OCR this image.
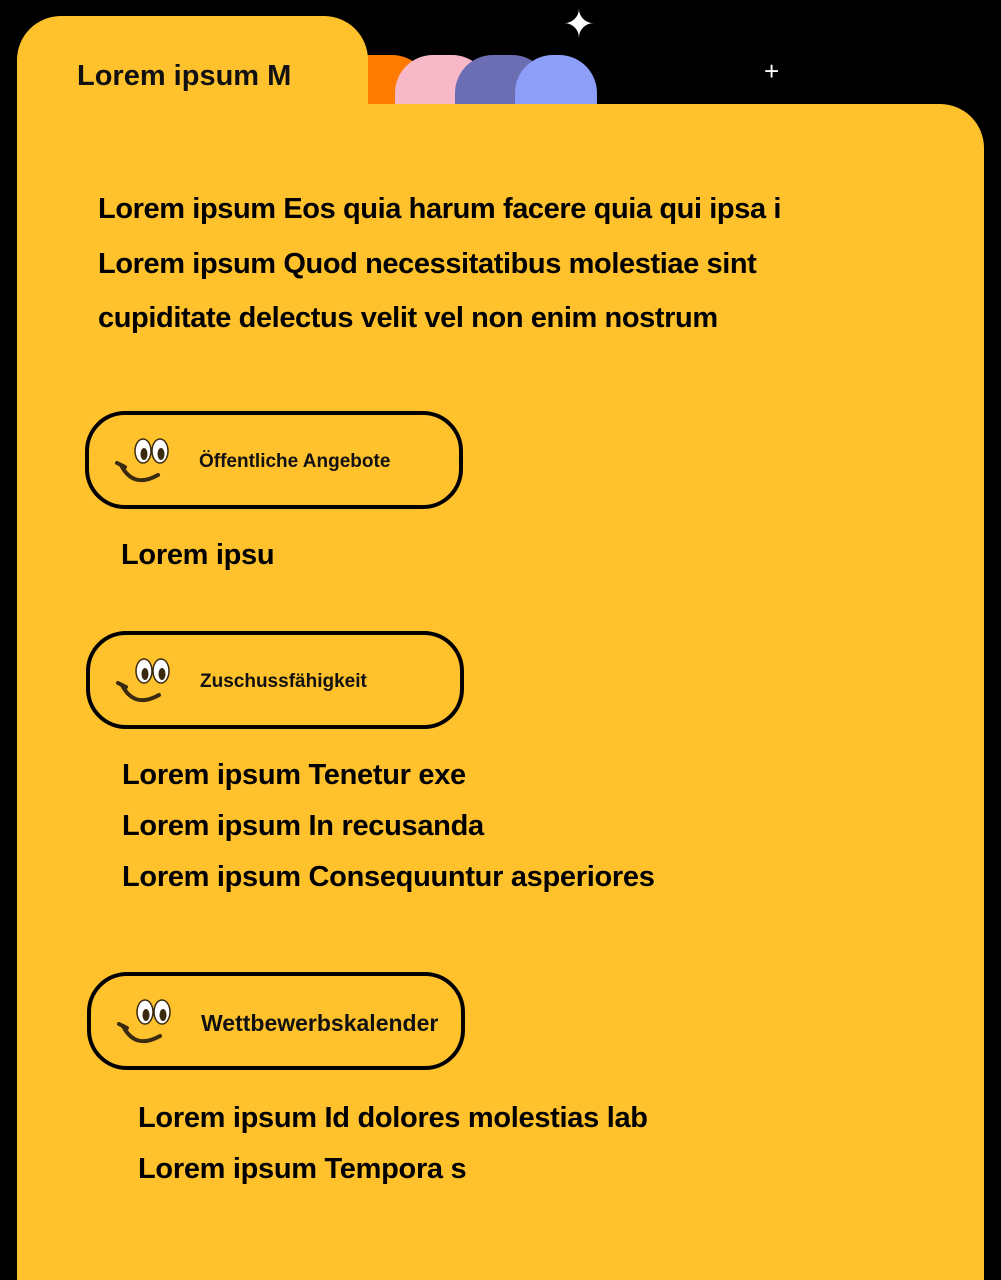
✦
+
Lorem ipsum M
Lorem ipsum Eos quia harum facere quia qui ipsa i
Lorem ipsum Quod necessitatibus molestiae sint
cupiditate delectus velit vel non enim nostrum
Öffentliche Angebote
Lorem ipsu
Zuschussfähigkeit
Lorem ipsum Tenetur exe
Lorem ipsum In recusanda
Lorem ipsum Consequuntur asperiores
Wettbewerbskalender
Lorem ipsum Id dolores molestias lab
Lorem ipsum Tempora s
